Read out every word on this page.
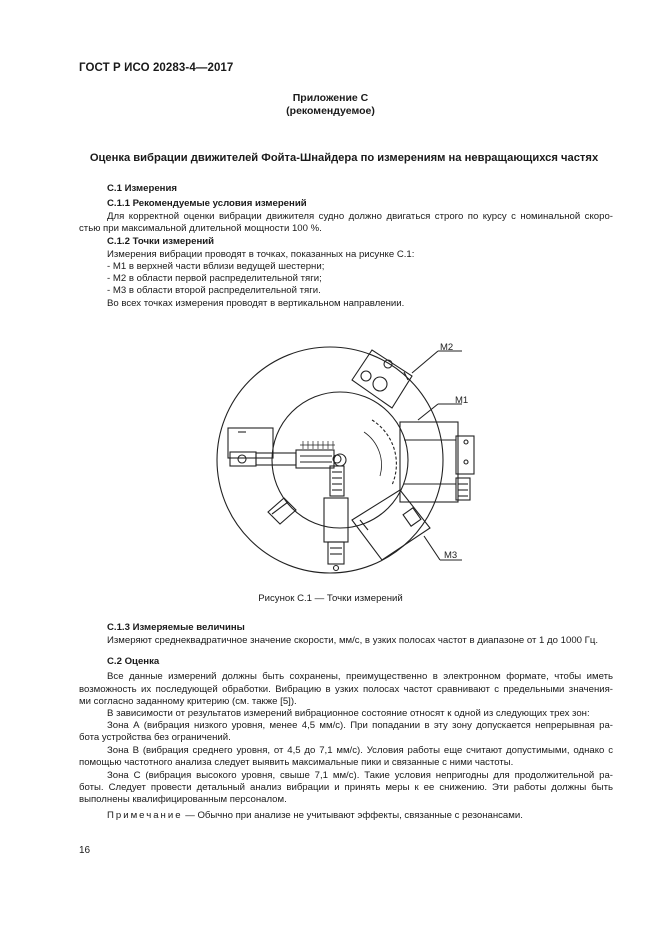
ГОСТ Р ИСО 20283-4—2017
Приложение С
(рекомендуемое)
Оценка вибрации движителей Фойта-Шнайдера по измерениям на невращающихся частях
С.1 Измерения
С.1.1 Рекомендуемые условия измерений
Для корректной оценки вибрации движителя судно должно двигаться строго по курсу с номинальной скоро-
стью при максимальной длительной мощности 100 %.
С.1.2 Точки измерений
Измерения вибрации проводят в точках, показанных на рисунке С.1:
- М1 в верхней части вблизи ведущей шестерни;
- М2 в области первой распределительной тяги;
- М3 в области второй распределительной тяги.
Во всех точках измерения проводят в вертикальном направлении.
М2
М1
М3
Рисунок С.1 — Точки измерений
С.1.3 Измеряемые величины
Измеряют среднеквадратичное значение скорости, мм/с, в узких полосах частот в диапазоне от 1 до 1000 Гц.
С.2 Оценка
Все данные измерений должны быть сохранены, преимущественно в электронном формате, чтобы иметь
возможность их последующей обработки. Вибрацию в узких полосах частот сравнивают с предельными значения-
ми согласно заданному критерию (см. также [5]).
В зависимости от результатов измерений вибрационное состояние относят к одной из следующих трех зон:
Зона А (вибрация низкого уровня, менее 4,5 мм/с). При попадании в эту зону допускается непрерывная ра-
бота устройства без ограничений.
Зона В (вибрация среднего уровня, от 4,5 до 7,1 мм/с). Условия работы еще считают допустимыми, однако с
помощью частотного анализа следует выявить максимальные пики и связанные с ними частоты.
Зона С (вибрация высокого уровня, свыше 7,1 мм/с). Такие условия непригодны для продолжительной ра-
боты. Следует провести детальный анализ вибрации и принять меры к ее снижению. Эти работы должны быть
выполнены квалифицированным персоналом.
Примечание — Обычно при анализе не учитывают эффекты, связанные с резонансами.
16
